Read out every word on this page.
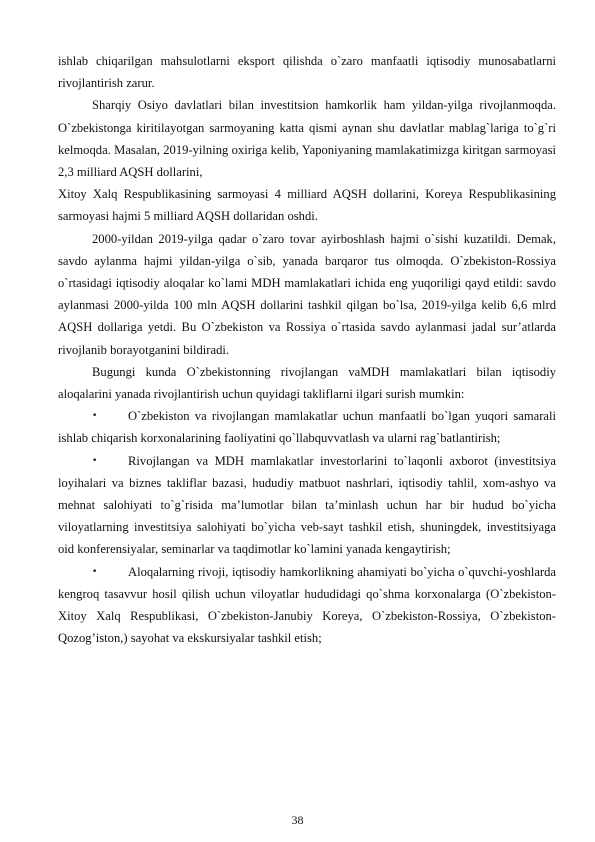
ishlab chiqarilgan mahsulotlarni eksport qilishda o`zaro manfaatli iqtisodiy munosabatlarni rivojlantirish zarur.

Sharqiy Osiyo davlatlari bilan investitsion hamkorlik ham yildan-yilga rivojlanmoqda. O`zbekistonga kiritilayotgan sarmoyaning katta qismi aynan shu davlatlar mablag`lariga to`g`ri kelmoqda. Masalan, 2019-yilning oxiriga kelib, Yaponiyaning mamlakatimizga kiritgan sarmoyasi 2,3 milliard AQSH dollarini,

Xitoy Xalq Respublikasining sarmoyasi 4 milliard AQSH dollarini, Koreya Respublikasining sarmoyasi hajmi 5 milliard AQSH dollaridan oshdi.

2000-yildan 2019-yilga qadar o`zaro tovar ayirboshlash hajmi o`sishi kuzatildi. Demak, savdo aylanma hajmi yildan-yilga o`sib, yanada barqaror tus olmoqda. O`zbekiston-Rossiya o`rtasidagi iqtisodiy aloqalar ko`lami MDH mamlakatlari ichida eng yuqoriligi qayd etildi: savdo aylanmasi 2000-yilda 100 mln AQSH dollarini tashkil qilgan bo`lsa, 2019-yilga kelib 6,6 mlrd AQSH dollariga yetdi. Bu O`zbekiston va Rossiya o`rtasida savdo aylanmasi jadal sur’atlarda rivojlanib borayotganini bildiradi.

Bugungi kunda O`zbekistonning rivojlangan vaMDH mamlakatlari bilan iqtisodiy aloqalarini yanada rivojlantirish uchun quyidagi takliflarni ilgari surish mumkin:

•	O`zbekiston va rivojlangan mamlakatlar uchun manfaatli bo`lgan yuqori samarali ishlab chiqarish korxonalarining faoliyatini qo`llabquvvatlash va ularni rag`batlantirish;

•	Rivojlangan va MDH mamlakatlar investorlarini to`laqonli axborot (investitsiya loyihalari va biznes takliflar bazasi, hududiy matbuot nashrlari, iqtisodiy tahlil, xom-ashyo va mehnat salohiyati to`g`risida ma’lumotlar bilan ta’minlash uchun har bir hudud bo`yicha viloyatlarning investitsiya salohiyati bo`yicha veb-sayt tashkil etish, shuningdek, investitsiyaga oid konferensiyalar, seminarlar va taqdimotlar ko`lamini yanada kengaytirish;

•	Aloqalarning rivoji, iqtisodiy hamkorlikning ahamiyati bo`yicha o`quvchi-yoshlarda kengroq tasavvur hosil qilish uchun viloyatlar hududidagi qo`shma korxonalarga (O`zbekiston-Xitoy Xalq Respublikasi, O`zbekiston-Janubiy Koreya, O`zbekiston-Rossiya, O`zbekiston-Qozog’iston,) sayohat va ekskursiyalar tashkil etish;

38
